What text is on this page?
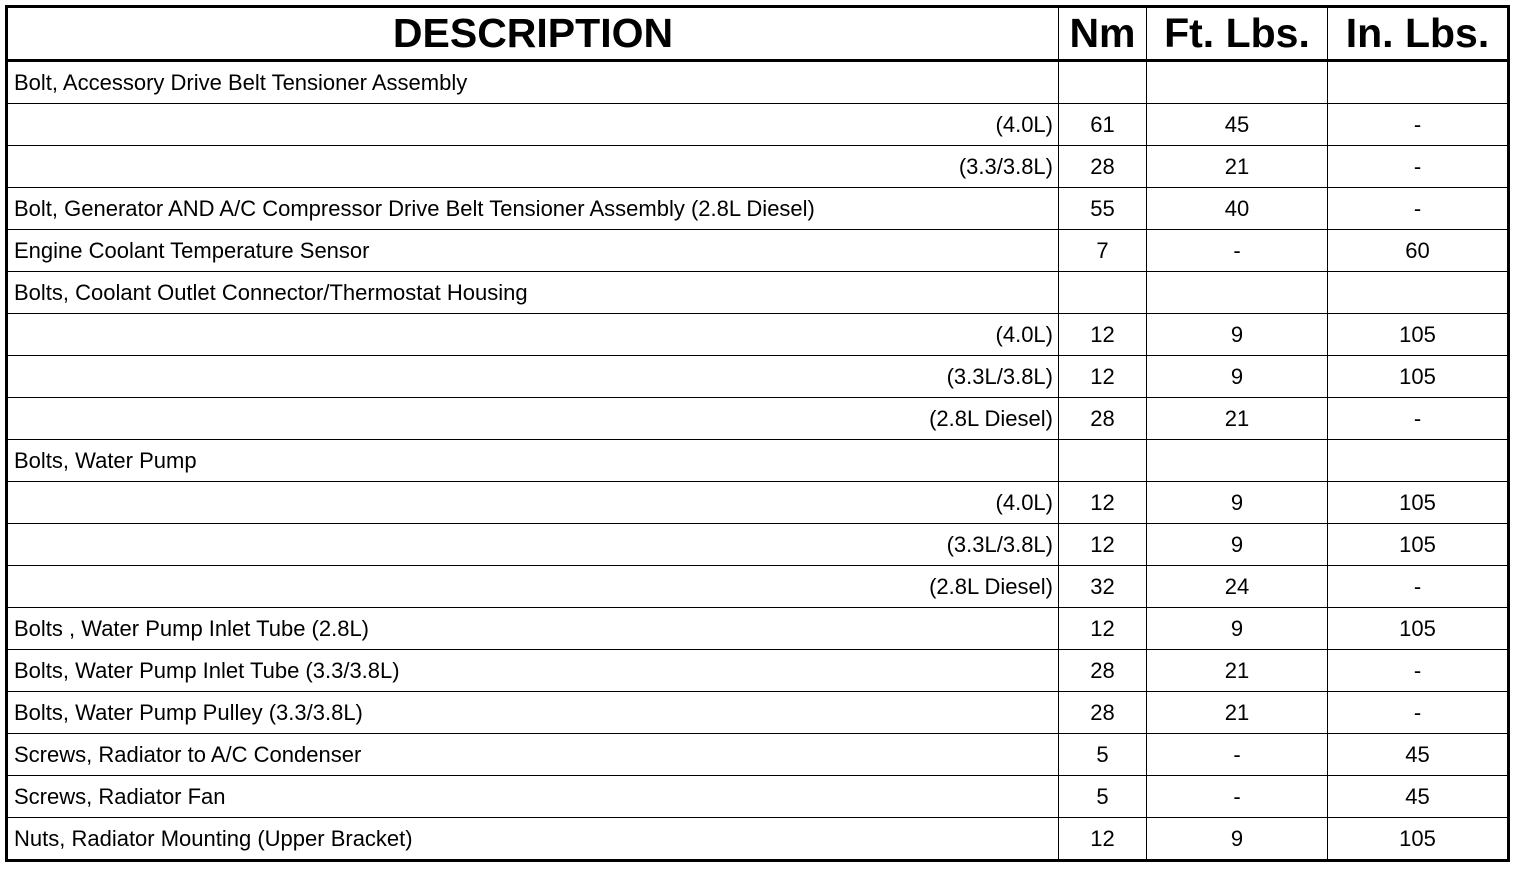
DESCRIPTION	Nm	Ft. Lbs.	In. Lbs.
Bolt, Accessory Drive Belt Tensioner Assembly			
(4.0L)	61	45	-
(3.3/3.8L)	28	21	-
Bolt, Generator AND A/C Compressor Drive Belt Tensioner Assembly (2.8L Diesel)	55	40	-
Engine Coolant Temperature Sensor	7	-	60
Bolts, Coolant Outlet Connector/Thermostat Housing			
(4.0L)	12	9	105
(3.3L/3.8L)	12	9	105
(2.8L Diesel)	28	21	-
Bolts, Water Pump			
(4.0L)	12	9	105
(3.3L/3.8L)	12	9	105
(2.8L Diesel)	32	24	-
Bolts , Water Pump Inlet Tube (2.8L)	12	9	105
Bolts, Water Pump Inlet Tube (3.3/3.8L)	28	21	-
Bolts, Water Pump Pulley (3.3/3.8L)	28	21	-
Screws, Radiator to A/C Condenser	5	-	45
Screws, Radiator Fan	5	-	45
Nuts, Radiator Mounting (Upper Bracket)	12	9	105
